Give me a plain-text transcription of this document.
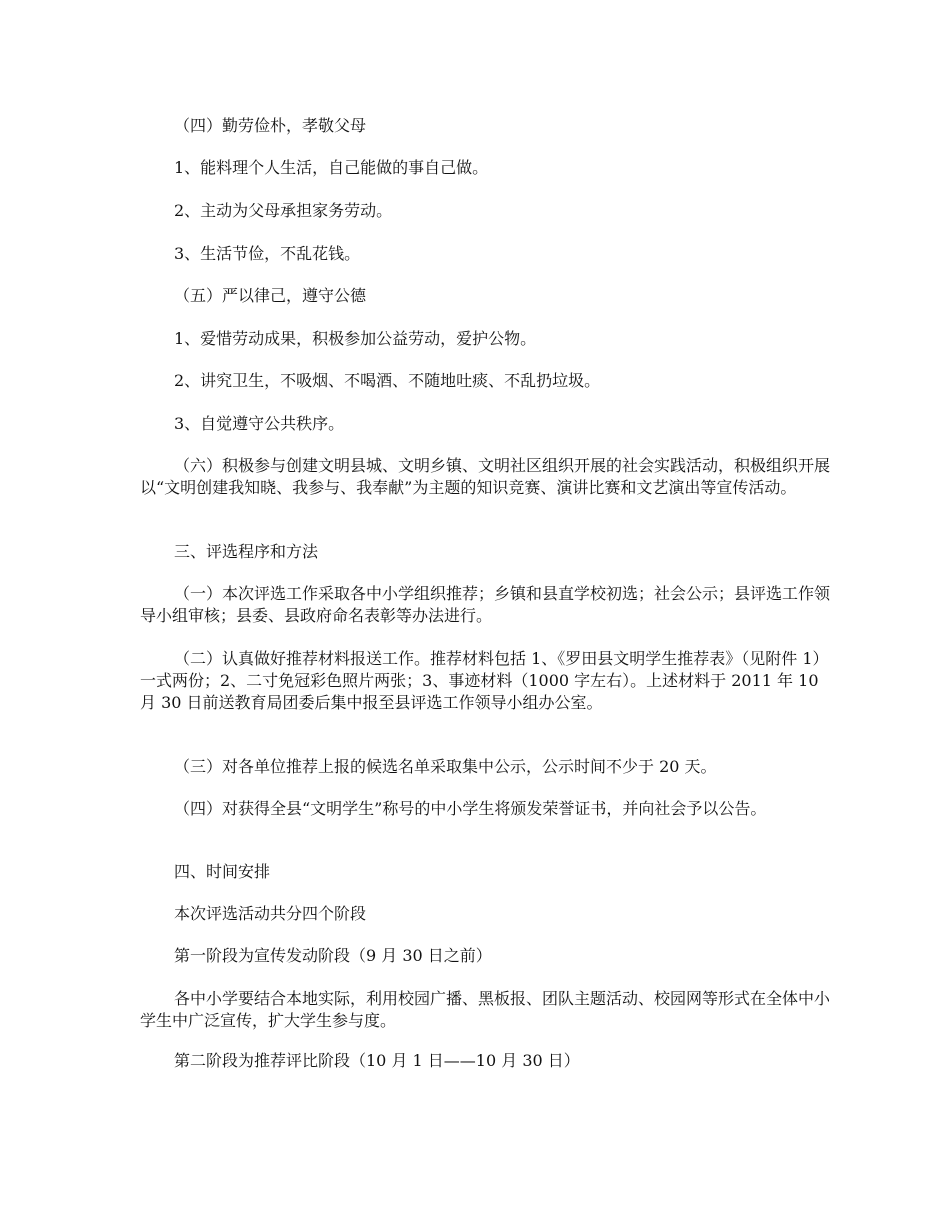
（四）勤劳俭朴，孝敬父母

1、能料理个人生活，自己能做的事自己做。

2、主动为父母承担家务劳动。

3、生活节俭，不乱花钱。

（五）严以律己，遵守公德

1、爱惜劳动成果，积极参加公益劳动，爱护公物。

2、讲究卫生，不吸烟、不喝酒、不随地吐痰、不乱扔垃圾。

3、自觉遵守公共秩序。

（六）积极参与创建文明县城、文明乡镇、文明社区组织开展的社会实践活动，积极组织开展以“文明创建我知晓、我参与、我奉献”为主题的知识竞赛、演讲比赛和文艺演出等宣传活动。

三、评选程序和方法

（一）本次评选工作采取各中小学组织推荐；乡镇和县直学校初选；社会公示；县评选工作领导小组审核；县委、县政府命名表彰等办法进行。

（二）认真做好推荐材料报送工作。推荐材料包括 1、《罗田县文明学生推荐表》（见附件 1）一式两份；2、二寸免冠彩色照片两张；3、事迹材料（1000 字左右）。上述材料于 2011 年 10 月 30 日前送教育局团委后集中报至县评选工作领导小组办公室。

（三）对各单位推荐上报的候选名单采取集中公示，公示时间不少于 20 天。

（四）对获得全县“文明学生”称号的中小学生将颁发荣誉证书，并向社会予以公告。

四、时间安排

本次评选活动共分四个阶段

第一阶段为宣传发动阶段（9 月 30 日之前）

各中小学要结合本地实际，利用校园广播、黑板报、团队主题活动、校园网等形式在全体中小学生中广泛宣传，扩大学生参与度。

第二阶段为推荐评比阶段（10 月 1 日——10 月 30 日）
